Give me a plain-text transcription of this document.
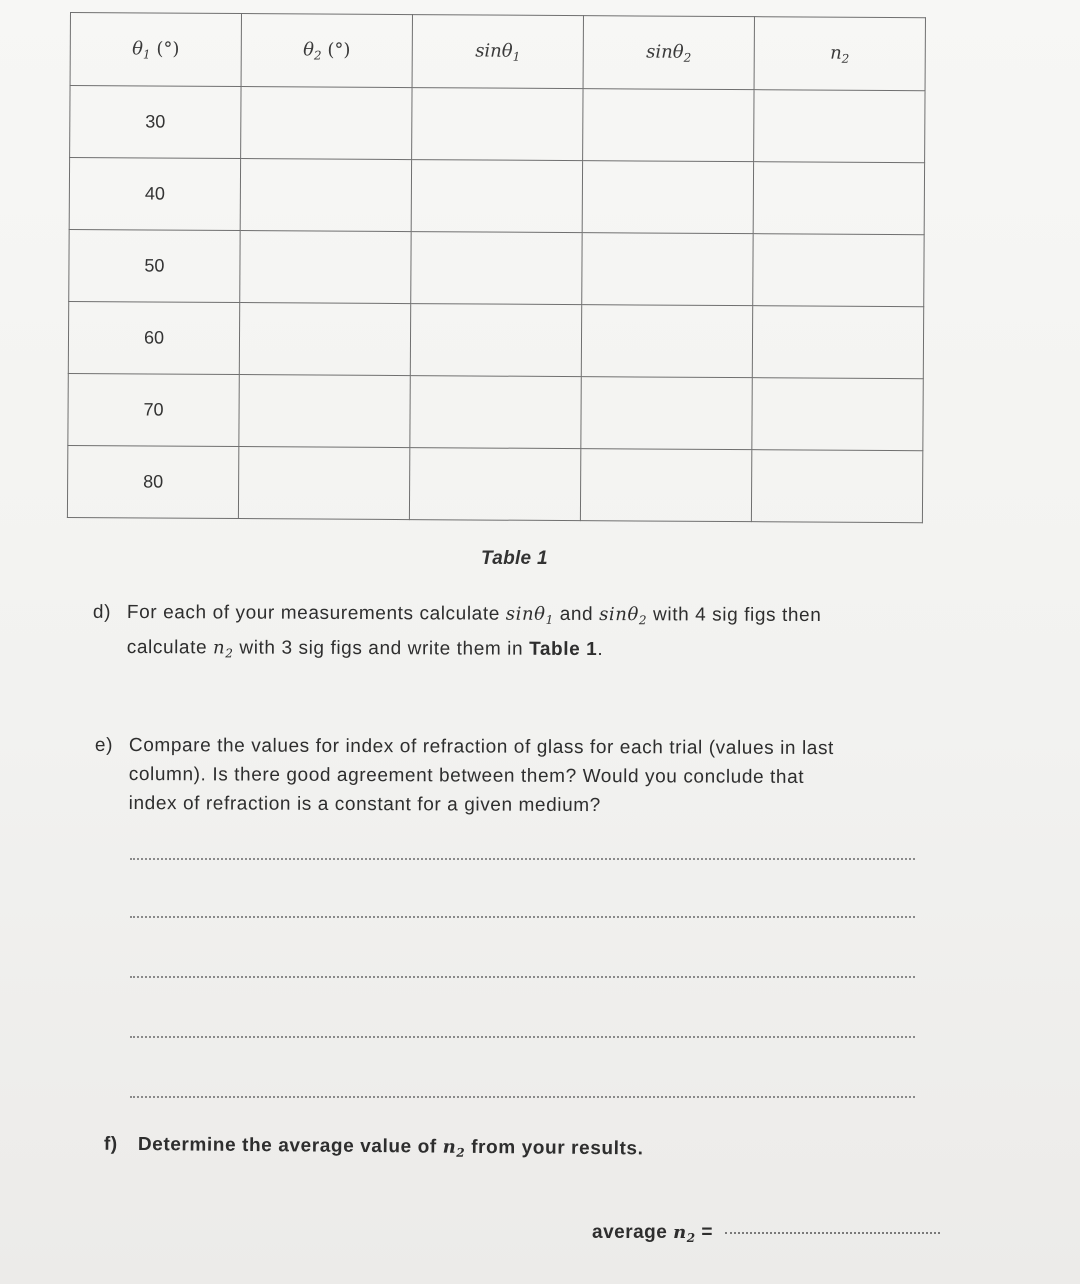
$\theta_1$ (°)	$\theta_2$ (°)	sinθ$_1$	sinθ$_2$	$n_2$
30				
40				
50				
60				
70				
80				
Table 1
d) For each of your measurements calculate sinθ$_1$ and sinθ$_2$ with 4 sig figs then
calculate $n_2$ with 3 sig figs and write them in Table 1.
e) Compare the values for index of refraction of glass for each trial (values in last
column). Is there good agreement between them? Would you conclude that
index of refraction is a constant for a given medium?
f) Determine the average value of $n_2$ from your results.
average $n_2$ =
